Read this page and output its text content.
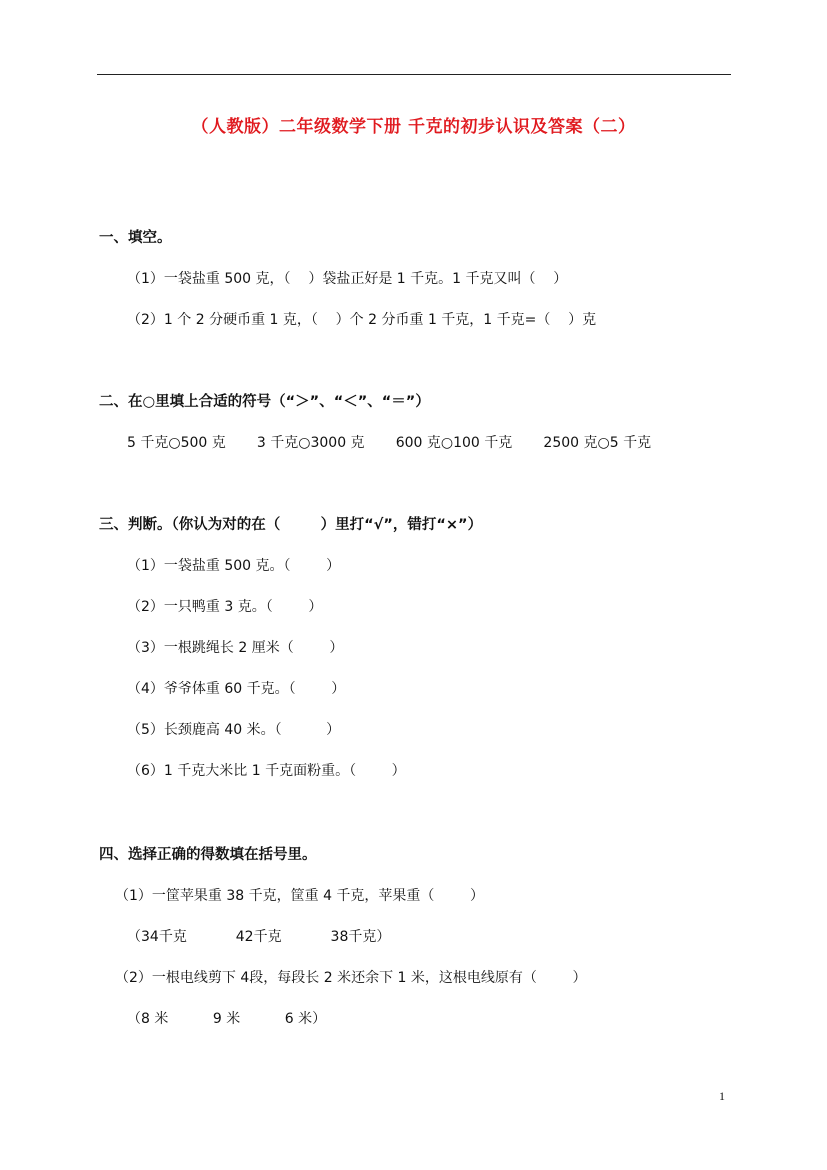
（人教版）二年级数学下册 千克的初步认识及答案（二）
一、填空。
（1）一袋盐重 500 克，（    ）袋盐正好是 1 千克。1 千克又叫（    ）
（2）1 个 2 分硬币重 1 克，（    ）个 2 分币重 1 千克，1 千克=（    ）克
二、在○里填上合适的符号（“＞”、“＜”、“＝”）
5 千克○500 克       3 千克○3000 克       600 克○100 千克       2500 克○5 千克
三、判断。（你认为对的在（        ）里打“√”，错打“×”）
（1）一袋盐重 500 克。（        ）
（2）一只鸭重 3 克。（        ）
（3）一根跳绳长 2 厘米（        ）
（4）爷爷体重 60 千克。（        ）
（5）长颈鹿高 40 米。（          ）
（6）1 千克大米比 1 千克面粉重。（        ）
四、选择正确的得数填在括号里。
（1）一筐苹果重 38 千克，筐重 4 千克，苹果重（        ）
（34千克           42千克           38千克）
（2）一根电线剪下 4段，每段长 2 米还余下 1 米，这根电线原有（        ）
（8 米          9 米          6 米）
1
